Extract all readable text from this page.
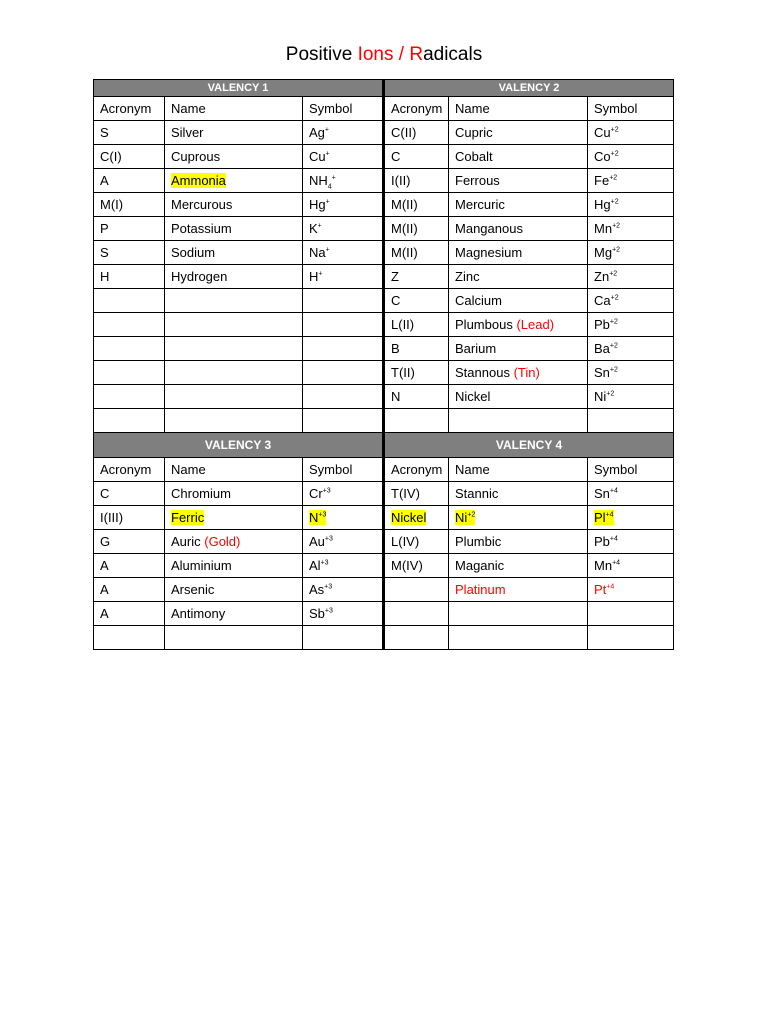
Positive Ions / Radicals
VALENCY 1			VALENCY 2		
Acronym	Name	Symbol	Acronym	Name	Symbol
S	Silver	Ag+	C(II)	Cupric	$Cu^{+2}$
C(I)	Cuprous	Cu+	C	Cobalt	$Co^{+2}$
A	Ammonia	$NH_4^+$	I(II)	Ferrous	$Fe^{+2}$
M(I)	Mercurous	Hg+	M(II)	Mercuric	$Hg^{+2}$
P	Potassium	K+	M(II)	Manganous	$Mn^{+2}$
S	Sodium	Na+	M(II)	Magnesium	$Mg^{+2}$
H	Hydrogen	H+	Z	Zinc	$Zn^{+2}$
			C	Calcium	$Ca^{+2}$
			L(II)	Plumbous (Lead)	$Pb^{+2}$
			B	Barium	$Ba^{+2}$
			T(II)	Stannous (Tin)	$Sn^{+2}$
			N	Nickel	$Ni^{+2}$

VALENCY 3			VALENCY 4		
Acronym	Name	Symbol	Acronym	Name	Symbol
C	Chromium	$Cr^{+3}$	T(IV)	Stannic	$Sn^{+4}$
I(III)	Ferric	$N^{+3}$	Nickel	$Ni^{+2}$	$Pl^{+4}$
G	Auric (Gold)	$Au^{+3}$	L(IV)	Plumbic	$Pb^{+4}$
A	Aluminium	$Al^{+3}$	M(IV)	Maganic	$Mn^{+4}$
A	Arsenic	$As^{+3}$		Platinum	$Pt^{+4}$
A	Antimony	$Sb^{+3}$			
